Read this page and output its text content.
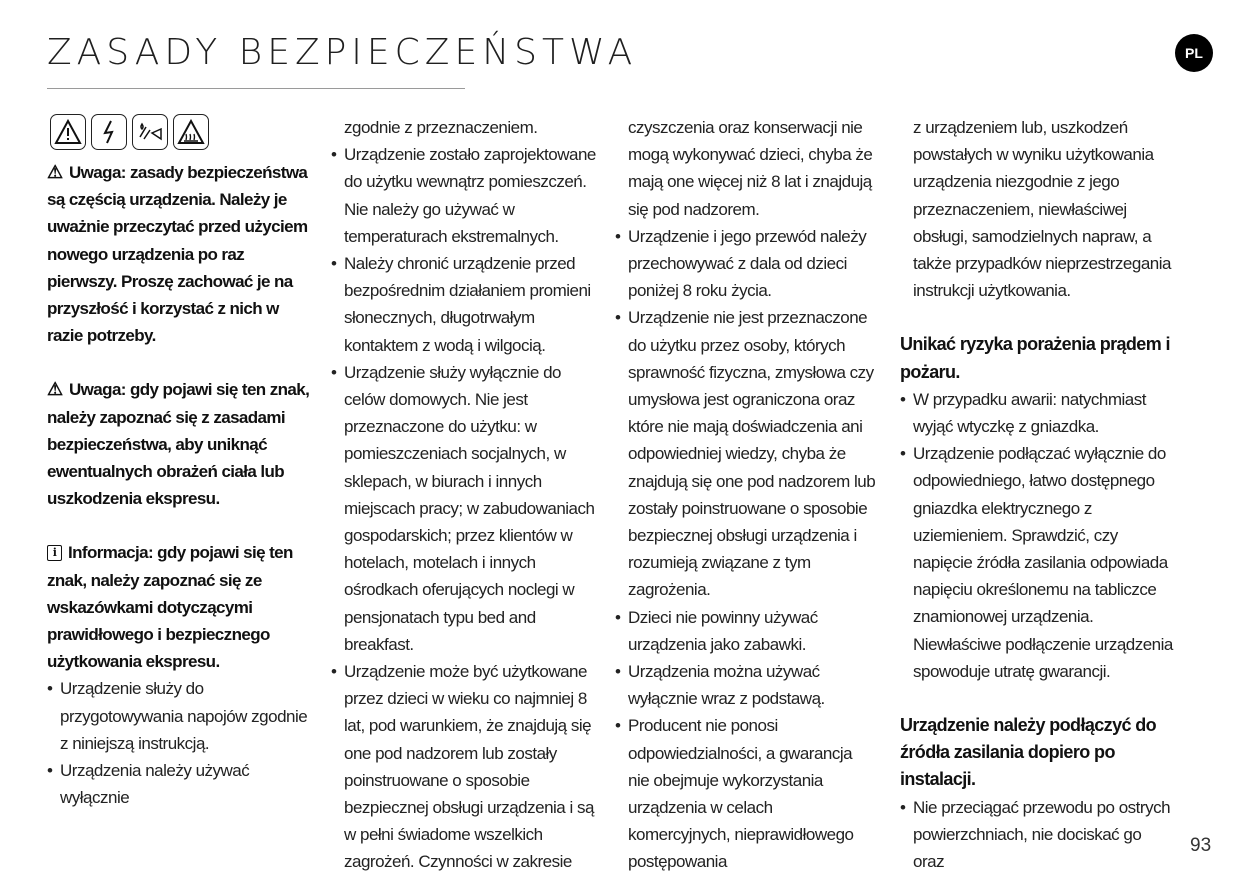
ZASADY BEZPIECZEŃSTWA	PL

⚠ Uwaga: zasady bezpieczeństwa są częścią urządzenia. Należy je uważnie przeczytać przed użyciem nowego urządzenia po raz pierwszy. Proszę zachować je na przyszłość i korzystać z nich w razie potrzeby.

⚠ Uwaga: gdy pojawi się ten znak, należy zapoznać się z zasadami bezpieczeństwa, aby uniknąć ewentualnych obrażeń ciała lub uszkodzenia ekspresu.

i Informacja: gdy pojawi się ten znak, należy zapoznać się ze wskazówkami dotyczącymi prawidłowego i bezpiecznego użytkowania ekspresu.

• Urządzenie służy do przygotowywania napojów zgodnie z niniejszą instrukcją.
• Urządzenia należy używać wyłącznie

zgodnie z przeznaczeniem.

• Urządzenie zostało zaprojektowane do użytku wewnątrz pomieszczeń. Nie należy go używać w temperaturach ekstremalnych.
• Należy chronić urządzenie przed bezpośrednim działaniem promieni słonecznych, długotrwałym kontaktem z wodą i wilgocią.
• Urządzenie służy wyłącznie do celów domowych. Nie jest przeznaczone do użytku: w pomieszczeniach socjalnych, w sklepach, w biurach i innych miejscach pracy; w zabudowaniach gospodarskich; przez klientów w hotelach, motelach i innych ośrodkach oferujących noclegi w pensjonatach typu bed and breakfast.
• Urządzenie może być użytkowane przez dzieci w wieku co najmniej 8 lat, pod warunkiem, że znajdują się one pod nadzorem lub zostały poinstruowane o sposobie bezpiecznej obsługi urządzenia i są w pełni świadome wszelkich zagrożeń. Czynności w zakresie

czyszczenia oraz konserwacji nie mogą wykonywać dzieci, chyba że mają one więcej niż 8 lat i znajdują się pod nadzorem.

• Urządzenie i jego przewód należy przechowywać z dala od dzieci poniżej 8 roku życia.
• Urządzenie nie jest przeznaczone do użytku przez osoby, których sprawność fizyczna, zmysłowa czy umysłowa jest ograniczona oraz które nie mają doświadczenia ani odpowiedniej wiedzy, chyba że znajdują się one pod nadzorem lub zostały poinstruowane o sposobie bezpiecznej obsługi urządzenia i rozumieją związane z tym zagrożenia.
• Dzieci nie powinny używać urządzenia jako zabawki.
• Urządzenia można używać wyłącznie wraz z podstawą.
• Producent nie ponosi odpowiedzialności, a gwarancja nie obejmuje wykorzystania urządzenia w celach komercyjnych, nieprawidłowego postępowania

z urządzeniem lub, uszkodzeń powstałych w wyniku użytkowania urządzenia niezgodnie z jego przeznaczeniem, niewłaściwej obsługi, samodzielnych napraw, a także przypadków nieprzestrzegania instrukcji użytkowania.

Unikać ryzyka porażenia prądem i pożaru.

• W przypadku awarii: natychmiast wyjąć wtyczkę z gniazdka.
• Urządzenie podłączać wyłącznie do odpowiedniego, łatwo dostępnego gniazdka elektrycznego z uziemieniem. Sprawdzić, czy napięcie źródła zasilania odpowiada napięciu określonemu na tabliczce znamionowej urządzenia. Niewłaściwe podłączenie urządzenia spowoduje utratę gwarancji.

Urządzenie należy podłączyć do źródła zasilania dopiero po instalacji.

• Nie przeciągać przewodu po ostrych powierzchniach, nie dociskać go oraz
93
